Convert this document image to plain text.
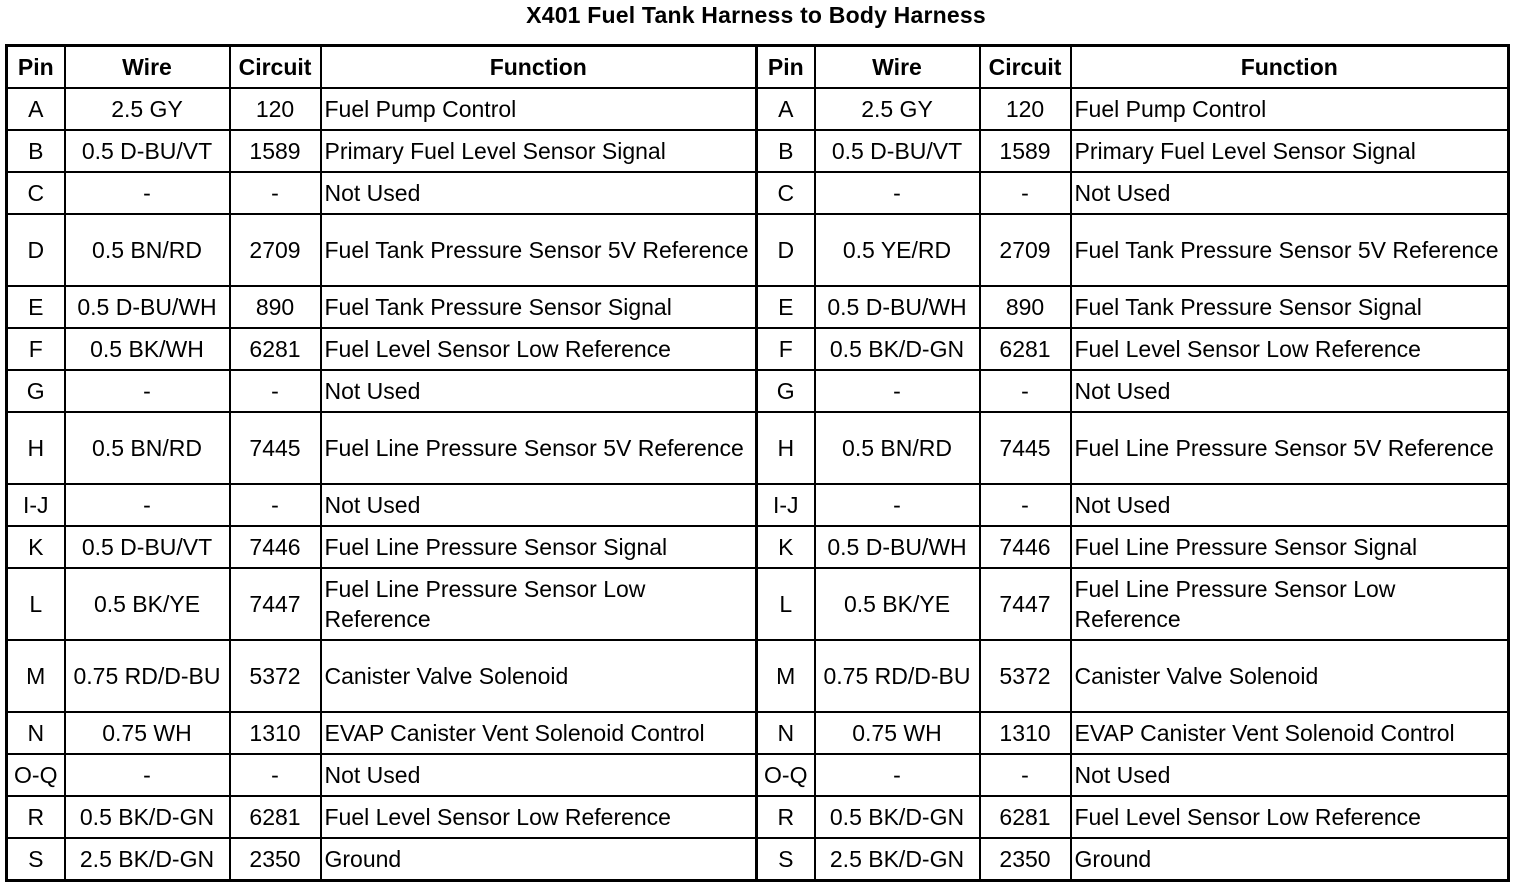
X401 Fuel Tank Harness to Body Harness
Pin	Wire	Circuit	Function	Pin	Wire	Circuit	Function
A	2.5 GY	120	Fuel Pump Control	A	2.5 GY	120	Fuel Pump Control
B	0.5 D-BU/VT	1589	Primary Fuel Level Sensor Signal	B	0.5 D-BU/VT	1589	Primary Fuel Level Sensor Signal
C	-	-	Not Used	C	-	-	Not Used
D	0.5 BN/RD	2709	Fuel Tank Pressure Sensor 5V Reference	D	0.5 YE/RD	2709	Fuel Tank Pressure Sensor 5V Reference
E	0.5 D-BU/WH	890	Fuel Tank Pressure Sensor Signal	E	0.5 D-BU/WH	890	Fuel Tank Pressure Sensor Signal
F	0.5 BK/WH	6281	Fuel Level Sensor Low Reference	F	0.5 BK/D-GN	6281	Fuel Level Sensor Low Reference
G	-	-	Not Used	G	-	-	Not Used
H	0.5 BN/RD	7445	Fuel Line Pressure Sensor 5V Reference	H	0.5 BN/RD	7445	Fuel Line Pressure Sensor 5V Reference
I-J	-	-	Not Used	I-J	-	-	Not Used
K	0.5 D-BU/VT	7446	Fuel Line Pressure Sensor Signal	K	0.5 D-BU/WH	7446	Fuel Line Pressure Sensor Signal
L	0.5 BK/YE	7447	Fuel Line Pressure Sensor Low Reference	L	0.5 BK/YE	7447	Fuel Line Pressure Sensor Low Reference
M	0.75 RD/D-BU	5372	Canister Valve Solenoid	M	0.75 RD/D-BU	5372	Canister Valve Solenoid
N	0.75 WH	1310	EVAP Canister Vent Solenoid Control	N	0.75 WH	1310	EVAP Canister Vent Solenoid Control
O-Q	-	-	Not Used	O-Q	-	-	Not Used
R	0.5 BK/D-GN	6281	Fuel Level Sensor Low Reference	R	0.5 BK/D-GN	6281	Fuel Level Sensor Low Reference
S	2.5 BK/D-GN	2350	Ground	S	2.5 BK/D-GN	2350	Ground
